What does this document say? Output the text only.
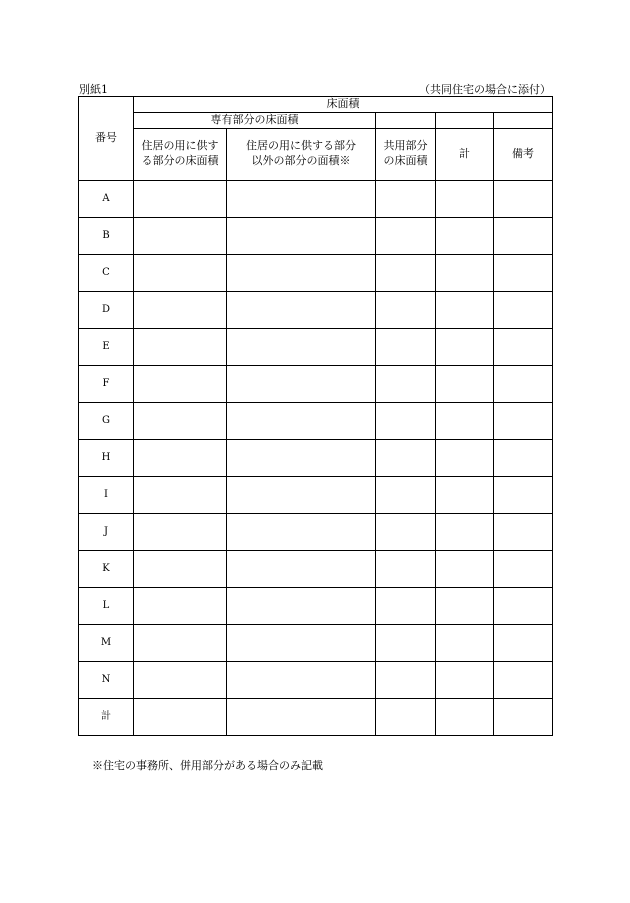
別紙1	（共同住宅の場合に添付）
番号	床面積				
	専有部分の床面積				
	住居の用に供する部分の床面積	住居の用に供する部分以外の部分の面積※	共用部分の床面積	計	備考
A					
B					
C					
D					
E					
F					
G					
H					
I					
J					
K					
L					
M					
N					
計					
※住宅の事務所、併用部分がある場合のみ記載
